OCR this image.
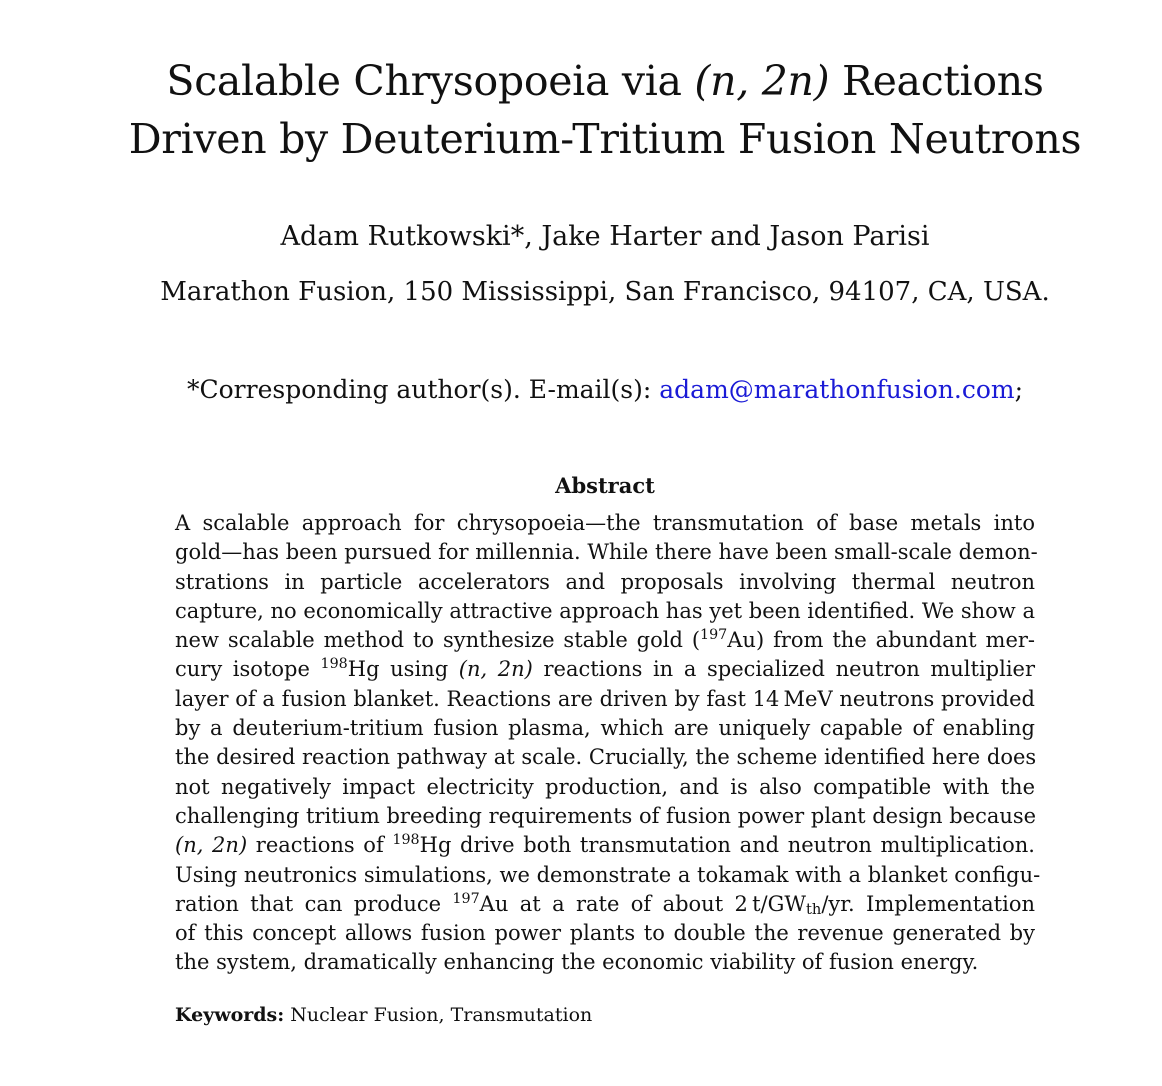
Scalable Chrysopoeia via (n, 2n) Reactions
Driven by Deuterium-Tritium Fusion Neutrons
Adam Rutkowski*, Jake Harter and Jason Parisi
Marathon Fusion, 150 Mississippi, San Francisco, 94107, CA, USA.
*Corresponding author(s). E-mail(s): adam@marathonfusion.com;
Abstract
A scalable approach for chrysopoeia—the transmutation of base metals into
gold—has been pursued for millennia. While there have been small-scale demon-
strations in particle accelerators and proposals involving thermal neutron
capture, no economically attractive approach has yet been identified. We show a
new scalable method to synthesize stable gold ($^{197}$Au) from the abundant mer-
cury isotope $^{198}$Hg using (n, 2n) reactions in a specialized neutron multiplier
layer of a fusion blanket. Reactions are driven by fast 14 MeV neutrons provided
by a deuterium-tritium fusion plasma, which are uniquely capable of enabling
the desired reaction pathway at scale. Crucially, the scheme identified here does
not negatively impact electricity production, and is also compatible with the
challenging tritium breeding requirements of fusion power plant design because
(n, 2n) reactions of $^{198}$Hg drive both transmutation and neutron multiplication.
Using neutronics simulations, we demonstrate a tokamak with a blanket configu-
ration that can produce $^{197}$Au at a rate of about 2 $t/GW_{th}/yr$. Implementation
of this concept allows fusion power plants to double the revenue generated by
the system, dramatically enhancing the economic viability of fusion energy.
Keywords: Nuclear Fusion, Transmutation
